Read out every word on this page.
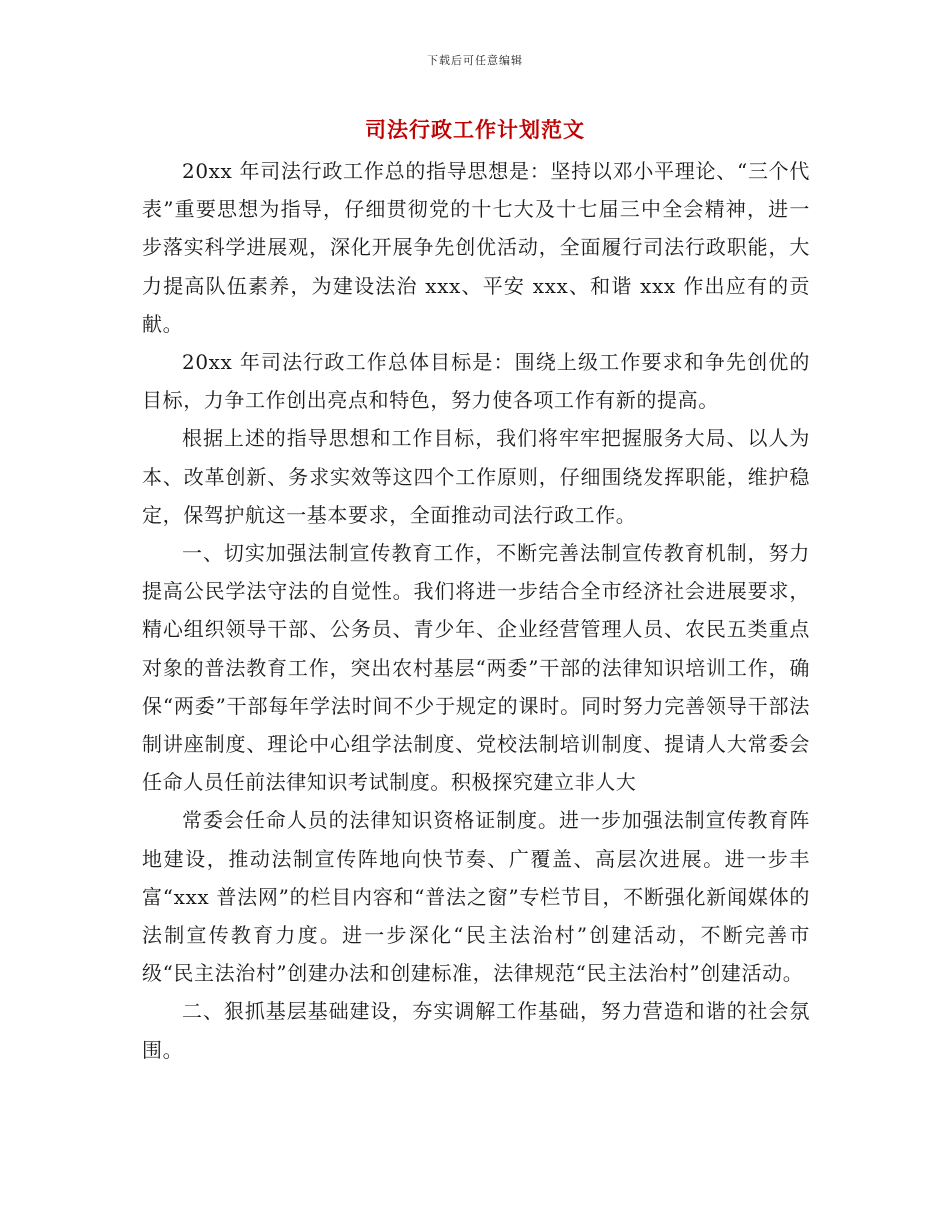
下载后可任意编辑
司法行政工作计划范文

20xx 年司法行政工作总的指导思想是：坚持以邓小平理论、“三个代表”重要思想为指导，仔细贯彻党的十七大及十七届三中全会精神，进一步落实科学进展观，深化开展争先创优活动，全面履行司法行政职能，大力提高队伍素养，为建设法治 xxx、平安 xxx、和谐 xxx 作出应有的贡献。

20xx 年司法行政工作总体目标是：围绕上级工作要求和争先创优的目标，力争工作创出亮点和特色，努力使各项工作有新的提高。

根据上述的指导思想和工作目标，我们将牢牢把握服务大局、以人为本、改革创新、务求实效等这四个工作原则，仔细围绕发挥职能，维护稳定，保驾护航这一基本要求，全面推动司法行政工作。

一、切实加强法制宣传教育工作，不断完善法制宣传教育机制，努力提高公民学法守法的自觉性。我们将进一步结合全市经济社会进展要求，精心组织领导干部、公务员、青少年、企业经营管理人员、农民五类重点对象的普法教育工作，突出农村基层“两委”干部的法律知识培训工作，确保“两委”干部每年学法时间不少于规定的课时。同时努力完善领导干部法制讲座制度、理论中心组学法制度、党校法制培训制度、提请人大常委会任命人员任前法律知识考试制度。积极探究建立非人大

常委会任命人员的法律知识资格证制度。进一步加强法制宣传教育阵地建设，推动法制宣传阵地向快节奏、广覆盖、高层次进展。进一步丰富“xxx 普法网”的栏目内容和“普法之窗”专栏节目，不断强化新闻媒体的法制宣传教育力度。进一步深化“民主法治村”创建活动，不断完善市级“民主法治村”创建办法和创建标准，法律规范“民主法治村”创建活动。

二、狠抓基层基础建设，夯实调解工作基础，努力营造和谐的社会氛围。
